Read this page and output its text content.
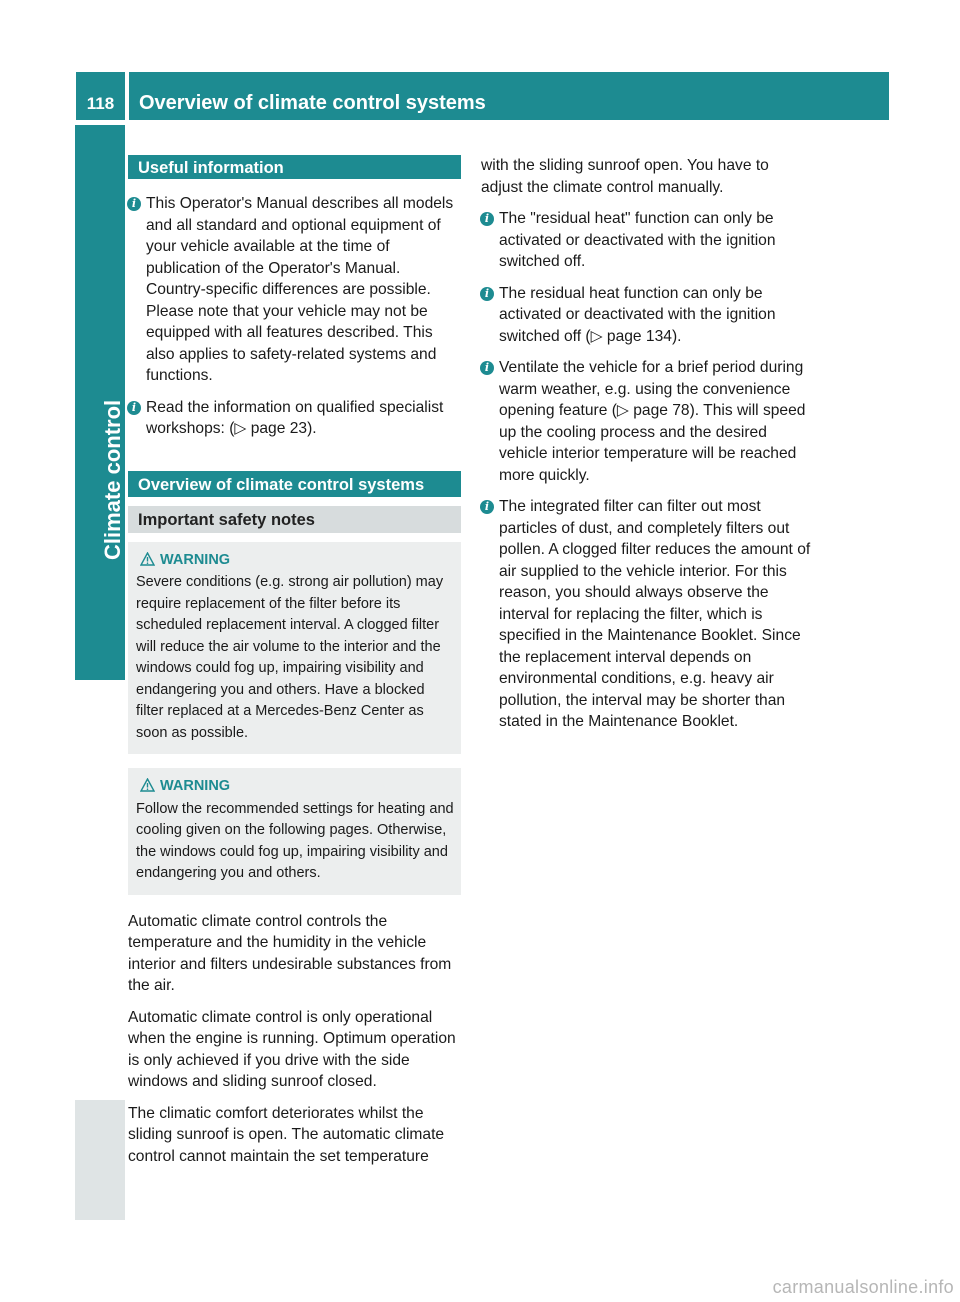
118	Overview of climate control systems
Climate control
Useful information
i This Operator's Manual describes all models and all standard and optional equipment of your vehicle available at the time of publication of the Operator's Manual. Country-specific differences are possible. Please note that your vehicle may not be equipped with all features described. This also applies to safety-related systems and functions.
i Read the information on qualified specialist workshops: (▷ page 23).
Overview of climate control systems
Important safety notes
WARNING
Severe conditions (e.g. strong air pollution) may require replacement of the filter before its scheduled replacement interval. A clogged filter will reduce the air volume to the interior and the windows could fog up, impairing visibility and endangering you and others. Have a blocked filter replaced at a Mercedes-Benz Center as soon as possible.
WARNING
Follow the recommended settings for heating and cooling given on the following pages. Otherwise, the windows could fog up, impairing visibility and endangering you and others.

Automatic climate control controls the temperature and the humidity in the vehicle interior and filters undesirable substances from the air.

Automatic climate control is only operational when the engine is running. Optimum operation is only achieved if you drive with the side windows and sliding sunroof closed.

The climatic comfort deteriorates whilst the sliding sunroof is open. The automatic climate control cannot maintain the set temperature

with the sliding sunroof open. You have to adjust the climate control manually.

i The "residual heat" function can only be activated or deactivated with the ignition switched off.
i The residual heat function can only be activated or deactivated with the ignition switched off (▷ page 134).
i Ventilate the vehicle for a brief period during warm weather, e.g. using the convenience opening feature (▷ page 78). This will speed up the cooling process and the desired vehicle interior temperature will be reached more quickly.
i The integrated filter can filter out most particles of dust, and completely filters out pollen. A clogged filter reduces the amount of air supplied to the vehicle interior. For this reason, you should always observe the interval for replacing the filter, which is specified in the Maintenance Booklet. Since the replacement interval depends on environmental conditions, e.g. heavy air pollution, the interval may be shorter than stated in the Maintenance Booklet.
carmanualsonline.info
